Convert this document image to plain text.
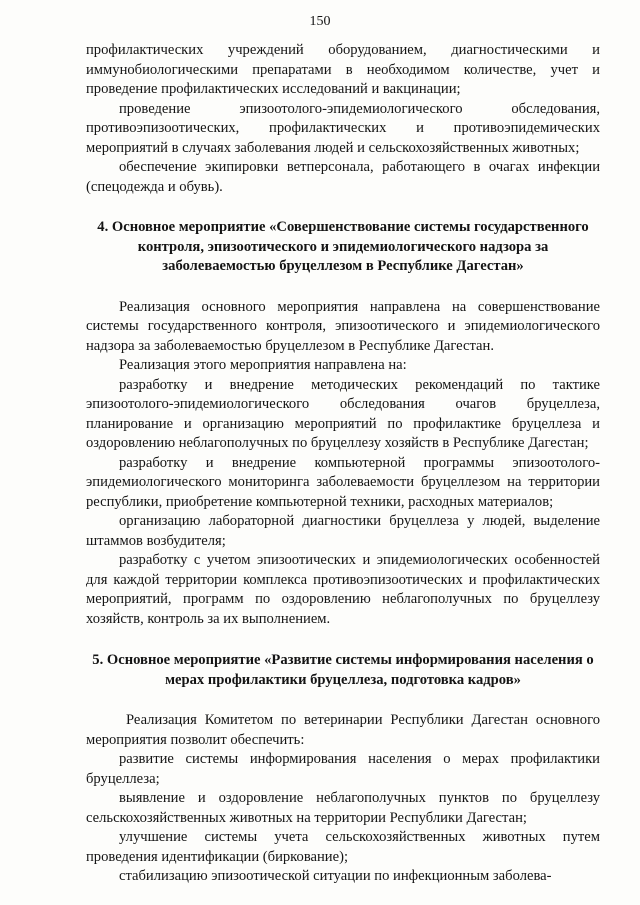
150

профилактических учреждений оборудованием, диагностическими и иммунобиологическими препаратами в необходимом количестве, учет и проведение профилактических исследований и вакцинации;

проведение эпизоотолого-эпидемиологического обследования, противоэпизоотических, профилактических и противоэпидемических мероприятий в случаях заболевания людей и сельскохозяйственных животных;

обеспечение экипировки ветперсонала, работающего в очагах инфекции (спецодежда и обувь).

4. Основное мероприятие «Совершенствование системы государственного контроля, эпизоотического и эпидемиологического надзора за заболеваемостью бруцеллезом в Республике Дагестан»

Реализация основного мероприятия направлена на совершенствование системы государственного контроля, эпизоотического и эпидемиологического надзора за заболеваемостью бруцеллезом в Республике Дагестан.

Реализация этого мероприятия направлена на:

разработку и внедрение методических рекомендаций по тактике эпизоотолого-эпидемиологического обследования очагов бруцеллеза, планирование и организацию мероприятий по профилактике бруцеллеза и оздоровлению неблагополучных по бруцеллезу хозяйств в Республике Дагестан;

разработку и внедрение компьютерной программы эпизоотолого-эпидемиологического мониторинга заболеваемости бруцеллезом на территории республики, приобретение компьютерной техники, расходных материалов;

организацию лабораторной диагностики бруцеллеза у людей, выделение штаммов возбудителя;

разработку с учетом эпизоотических и эпидемиологических особенностей для каждой территории комплекса противоэпизоотических и профилактических мероприятий, программ по оздоровлению неблагополучных по бруцеллезу хозяйств, контроль за их выполнением.

5. Основное мероприятие «Развитие системы информирования населения о мерах профилактики бруцеллеза, подготовка кадров»

Реализация Комитетом по ветеринарии Республики Дагестан основного мероприятия позволит обеспечить:

развитие системы информирования населения о мерах профилактики бруцеллеза;

выявление и оздоровление неблагополучных пунктов по бруцеллезу сельскохозяйственных животных на территории Республики Дагестан;

улучшение системы учета сельскохозяйственных животных путем проведения идентификации (биркование);

стабилизацию эпизоотической ситуации по инфекционным заболева-
